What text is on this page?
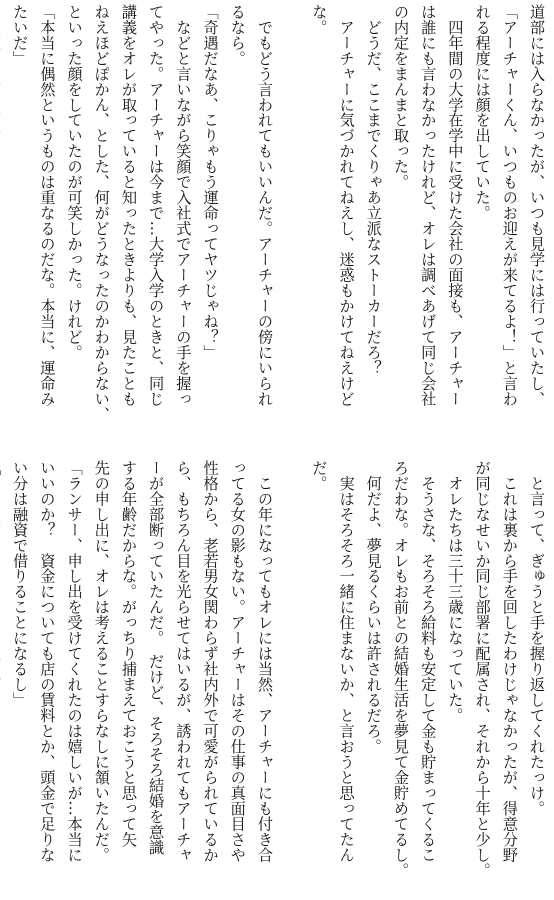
道部には入らなかったが、いつも見学には行っていたし、
「アーチャーくん、いつものお迎えが来てるよ！」と言わ
れる程度には顔を出していた。
　四年間の大学在学中に受けた会社の面接も、アーチャー
は誰にも言わなかったけれど、オレは調べあげて同じ会社
の内定をまんまと取った。
　どうだ、ここまでくりゃあ立派なストーカーだろ？
　アーチャーに気づかれてねえし、迷惑もかけてねえけど
な。

　でもどう言われてもいいんだ。アーチャーの傍にいられ
るなら。
「奇遇だなあ、こりゃもう運命ってヤツじゃね？」
　などと言いながら笑顔で入社式でアーチャーの手を握っ
てやった。アーチャーは今まで…大学入学のときと、同じ
講義をオレが取っていると知ったときよりも、見たことも
ねえほどぽかん、とした、何がどうなったのかわからない、
といった顔をしていたのが可笑しかった。けれど。
「本当に偶然というものは重なるのだな。本当に、運命み
たいだ」
　と言って、ぎゅうと手を握り返してくれたっけ。
　これは裏から手を回したわけじゃなかったが、得意分野
が同じなせいか同じ部署に配属され、それから十年と少し。
　オレたちは三十三歳になっていた。
　そうさな、そろそろ給料も安定して金も貯まってくるこ
ろだわな。オレもお前との結婚生活を夢見て金貯めてるし。
　何だよ、夢見るくらいは許されるだろ。
　実はそろそろ一緒に住まないか、と言おうと思ってたん
だ。

　この年になってもオレには当然、アーチャーにも付き合
ってる女の影もない。アーチャーはその仕事の真面目さや
性格から、老若男女関わらず社内外で可愛がられているか
ら、もちろん目を光らせてはいるが、誘われてもアーチャ
ーが全部断っていたんだ。　だけど、そろそろ結婚を意識
する年齢だからな。がっちり捕まえておこうと思って矢
先の申し出に、オレは考えることすらなしに頷いたんだ。
「ランサー、申し出を受けてくれたのは嬉しいが…本当に
いいのか？　資金についても店の賃料とか、頭金で足りな
い分は融資で借りることになるし」
